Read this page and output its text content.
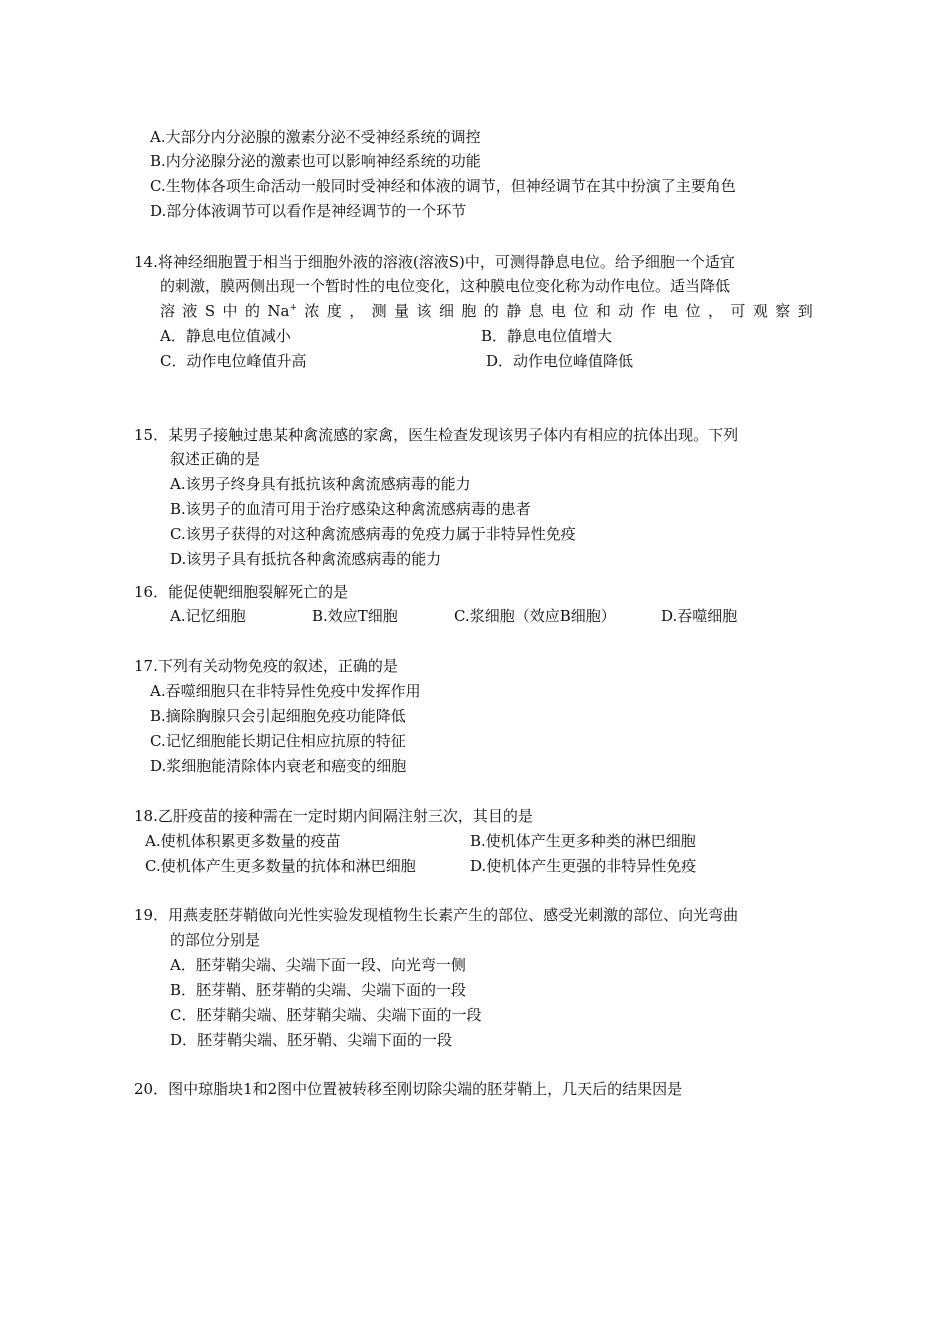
A.大部分内分泌腺的激素分泌不受神经系统的调控
B.内分泌腺分泌的激素也可以影响神经系统的功能
C.生物体各项生命活动一般同时受神经和体液的调节，但神经调节在其中扮演了主要角色
D.部分体液调节可以看作是神经调节的一个环节
14.将神经细胞置于相当于细胞外液的溶液(溶液S)中，可测得静息电位。给予细胞一个适宜
的刺激，膜两侧出现一个暂时性的电位变化，这种膜电位变化称为动作电位。适当降低
溶 液 S 中 的 Na+ 浓 度 ， 测 量 该 细 胞 的 静 息 电 位 和 动 作 电 位 ， 可 观 察 到
A．静息电位值减小	B．静息电位值增大
C．动作电位峰值升高	D．动作电位峰值降低
15．某男子接触过患某种禽流感的家禽，医生检查发现该男子体内有相应的抗体出现。下列
叙述正确的是
A.该男子终身具有抵抗该种禽流感病毒的能力
B.该男子的血清可用于治疗感染这种禽流感病毒的患者
C.该男子获得的对这种禽流感病毒的免疫力属于非特异性免疫
D.该男子具有抵抗各种禽流感病毒的能力
16．能促使靶细胞裂解死亡的是
A.记忆细胞	B.效应T细胞	C.浆细胞（效应B细胞）	D.吞噬细胞
17.下列有关动物免疫的叙述，正确的是
A.吞噬细胞只在非特异性免疫中发挥作用
B.摘除胸腺只会引起细胞免疫功能降低
C.记忆细胞能长期记住相应抗原的特征
D.浆细胞能清除体内衰老和癌变的细胞
18.乙肝疫苗的接种需在一定时期内间隔注射三次，其目的是
A.使机体积累更多数量的疫苗	B.使机体产生更多种类的淋巴细胞
C.使机体产生更多数量的抗体和淋巴细胞	D.使机体产生更强的非特异性免疫
19．用燕麦胚芽鞘做向光性实验发现植物生长素产生的部位、感受光刺激的部位、向光弯曲
的部位分别是
A．胚芽鞘尖端、尖端下面一段、向光弯一侧
B．胚芽鞘、胚芽鞘的尖端、尖端下面的一段
C．胚芽鞘尖端、胚芽鞘尖端、尖端下面的一段
D．胚芽鞘尖端、胚牙鞘、尖端下面的一段
20．图中琼脂块1和2图中位置被转移至刚切除尖端的胚芽鞘上，几天后的结果因是
